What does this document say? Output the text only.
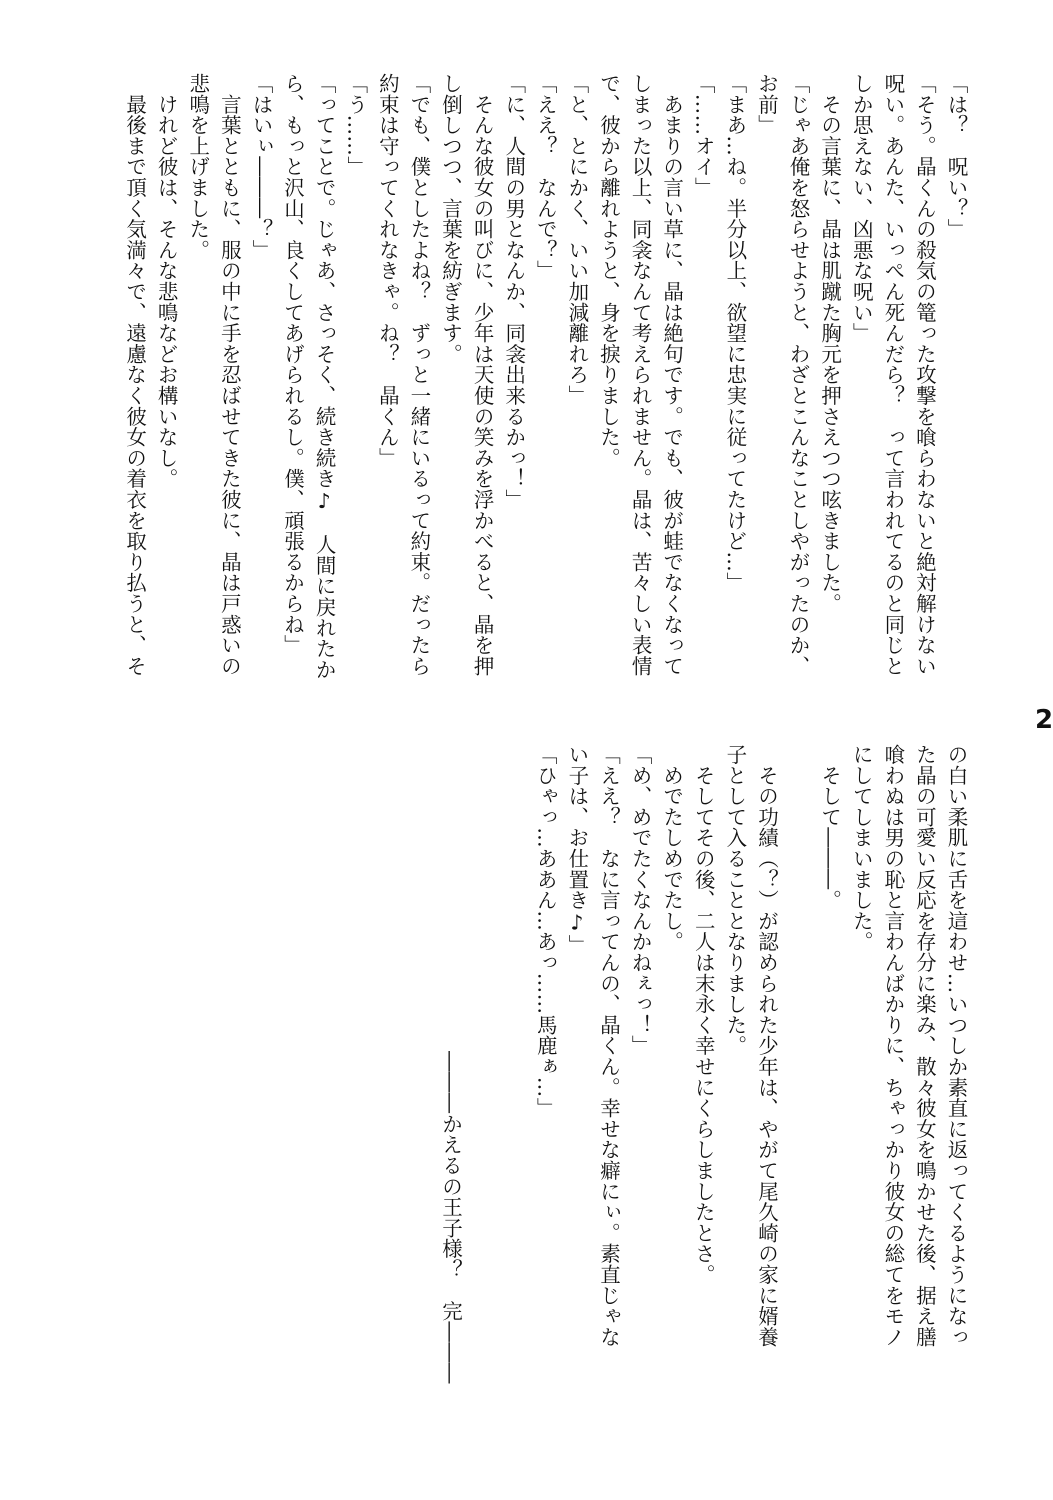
「は？　呪い？」

「そう。晶くんの殺気の篭った攻撃を喰らわないと絶対解けない

呪い。あんた、いっぺん死んだら？　って言われてるのと同じと

しか思えない、凶悪な呪い」

　その言葉に、晶は肌蹴た胸元を押さえつつ呟きました。

「じゃあ俺を怒らせようと、わざとこんなことしやがったのか、

お前」

「まあ…ね。半分以上、欲望に忠実に従ってたけど…」

「……オイ」

　あまりの言い草に、晶は絶句です。でも、彼が蛙でなくなって

しまった以上、同衾なんて考えられません。晶は、苦々しい表情

で、彼から離れようと、身を捩りました。

「と、とにかく、いい加減離れろ」

「ええ？　なんで？」

「に、人間の男となんか、同衾出来るかっ！」

　そんな彼女の叫びに、少年は天使の笑みを浮かべると、晶を押

し倒しつつ、言葉を紡ぎます。

「でも、僕としたよね？　ずっと一緒にいるって約束。だったら

約束は守ってくれなきゃ。ね？　晶くん」

「う……」

「ってことで。じゃあ、さっそく、続き続き♪　人間に戻れたか

ら、もっと沢山、良くしてあげられるし。僕、頑張るからね」

「はいぃ―――？」

　言葉とともに、服の中に手を忍ばせてきた彼に、晶は戸惑いの

悲鳴を上げました。

　けれど彼は、そんな悲鳴などお構いなし。

　最後まで頂く気満々で、遠慮なく彼女の着衣を取り払うと、そ

の白い柔肌に舌を這わせ…いつしか素直に返ってくるようになっ

た晶の可愛い反応を存分に楽み、散々彼女を鳴かせた後、据え膳

喰わぬは男の恥と言わんばかりに、ちゃっかり彼女の総てをモノ

にしてしまいました。

　そして―――。

　その功績（？）が認められた少年は、やがて尾久崎の家に婿養

子として入ることとなりました。

　そしてその後、二人は末永く幸せにくらしましたとさ。

　めでたしめでたし。

「め、めでたくなんかねぇっ！」

「ええ？　なに言ってんの、晶くん。幸せな癖にぃ。素直じゃな

い子は、お仕置き♪」

「ひゃっ…ああん…あっ……馬鹿ぁ…」

―――かえるの王子様？　完―――

2
